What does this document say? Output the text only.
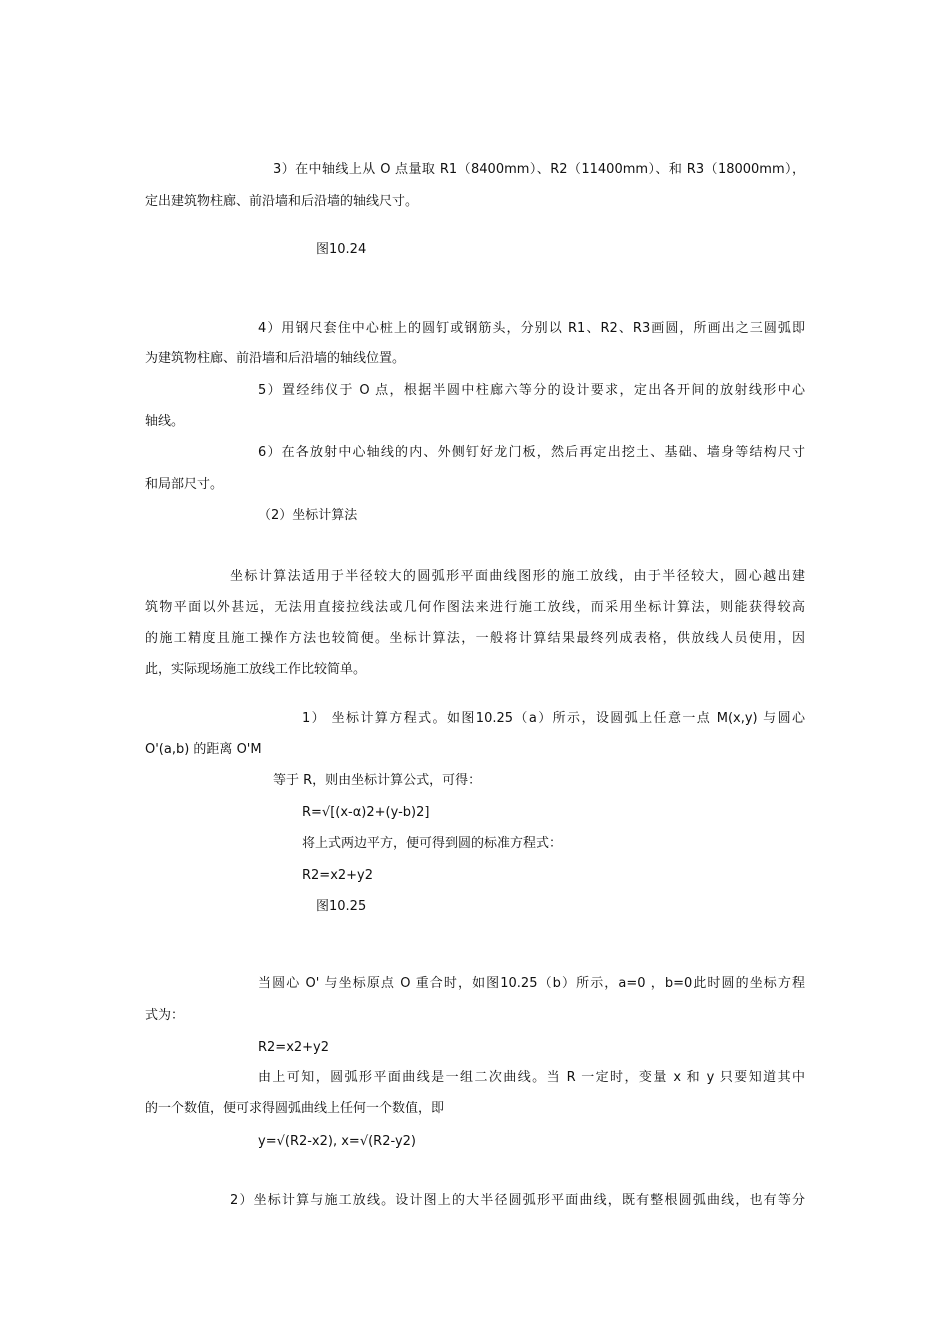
3）在中轴线上从 O 点量取 R1（8400mm）、R2（11400mm）、和 R3（18000mm），
定出建筑物柱廊、前沿墙和后沿墙的轴线尺寸。
图10.24
4）用钢尺套住中心桩上的圆钉或钢筋头，分别以 R1、R2、R3画圆，所画出之三圆弧即
为建筑物柱廊、前沿墙和后沿墙的轴线位置。
5）置经纬仪于 O 点，根据半圆中柱廊六等分的设计要求，定出各开间的放射线形中心
轴线。
6）在各放射中心轴线的内、外侧钉好龙门板，然后再定出挖土、基础、墙身等结构尺寸
和局部尺寸。
（2）坐标计算法
坐标计算法适用于半径较大的圆弧形平面曲线图形的施工放线，由于半径较大，圆心越出建
筑物平面以外甚远，无法用直接拉线法或几何作图法来进行施工放线，而采用坐标计算法，则能获得较高
的施工精度且施工操作方法也较简便。坐标计算法，一般将计算结果最终列成表格，供放线人员使用，因
此，实际现场施工放线工作比较简单。
1） 坐标计算方程式。如图10.25（a）所示，设圆弧上任意一点 M(x,y) 与圆心
O'(a,b) 的距离 O'M
等于 R，则由坐标计算公式，可得：
R=√[(x-α)2+(y-b)2]
将上式两边平方，便可得到圆的标准方程式：
R2=x2+y2
图10.25
当圆心 O' 与坐标原点 O 重合时，如图10.25（b）所示，a=0 ，b=0此时圆的坐标方程
式为：
R2=x2+y2
由上可知，圆弧形平面曲线是一组二次曲线。当 R 一定时，变量 x 和 y 只要知道其中
的一个数值，便可求得圆弧曲线上任何一个数值，即
y=√(R2-x2), x=√(R2-y2)
2）坐标计算与施工放线。设计图上的大半径圆弧形平面曲线，既有整根圆弧曲线，也有等分
